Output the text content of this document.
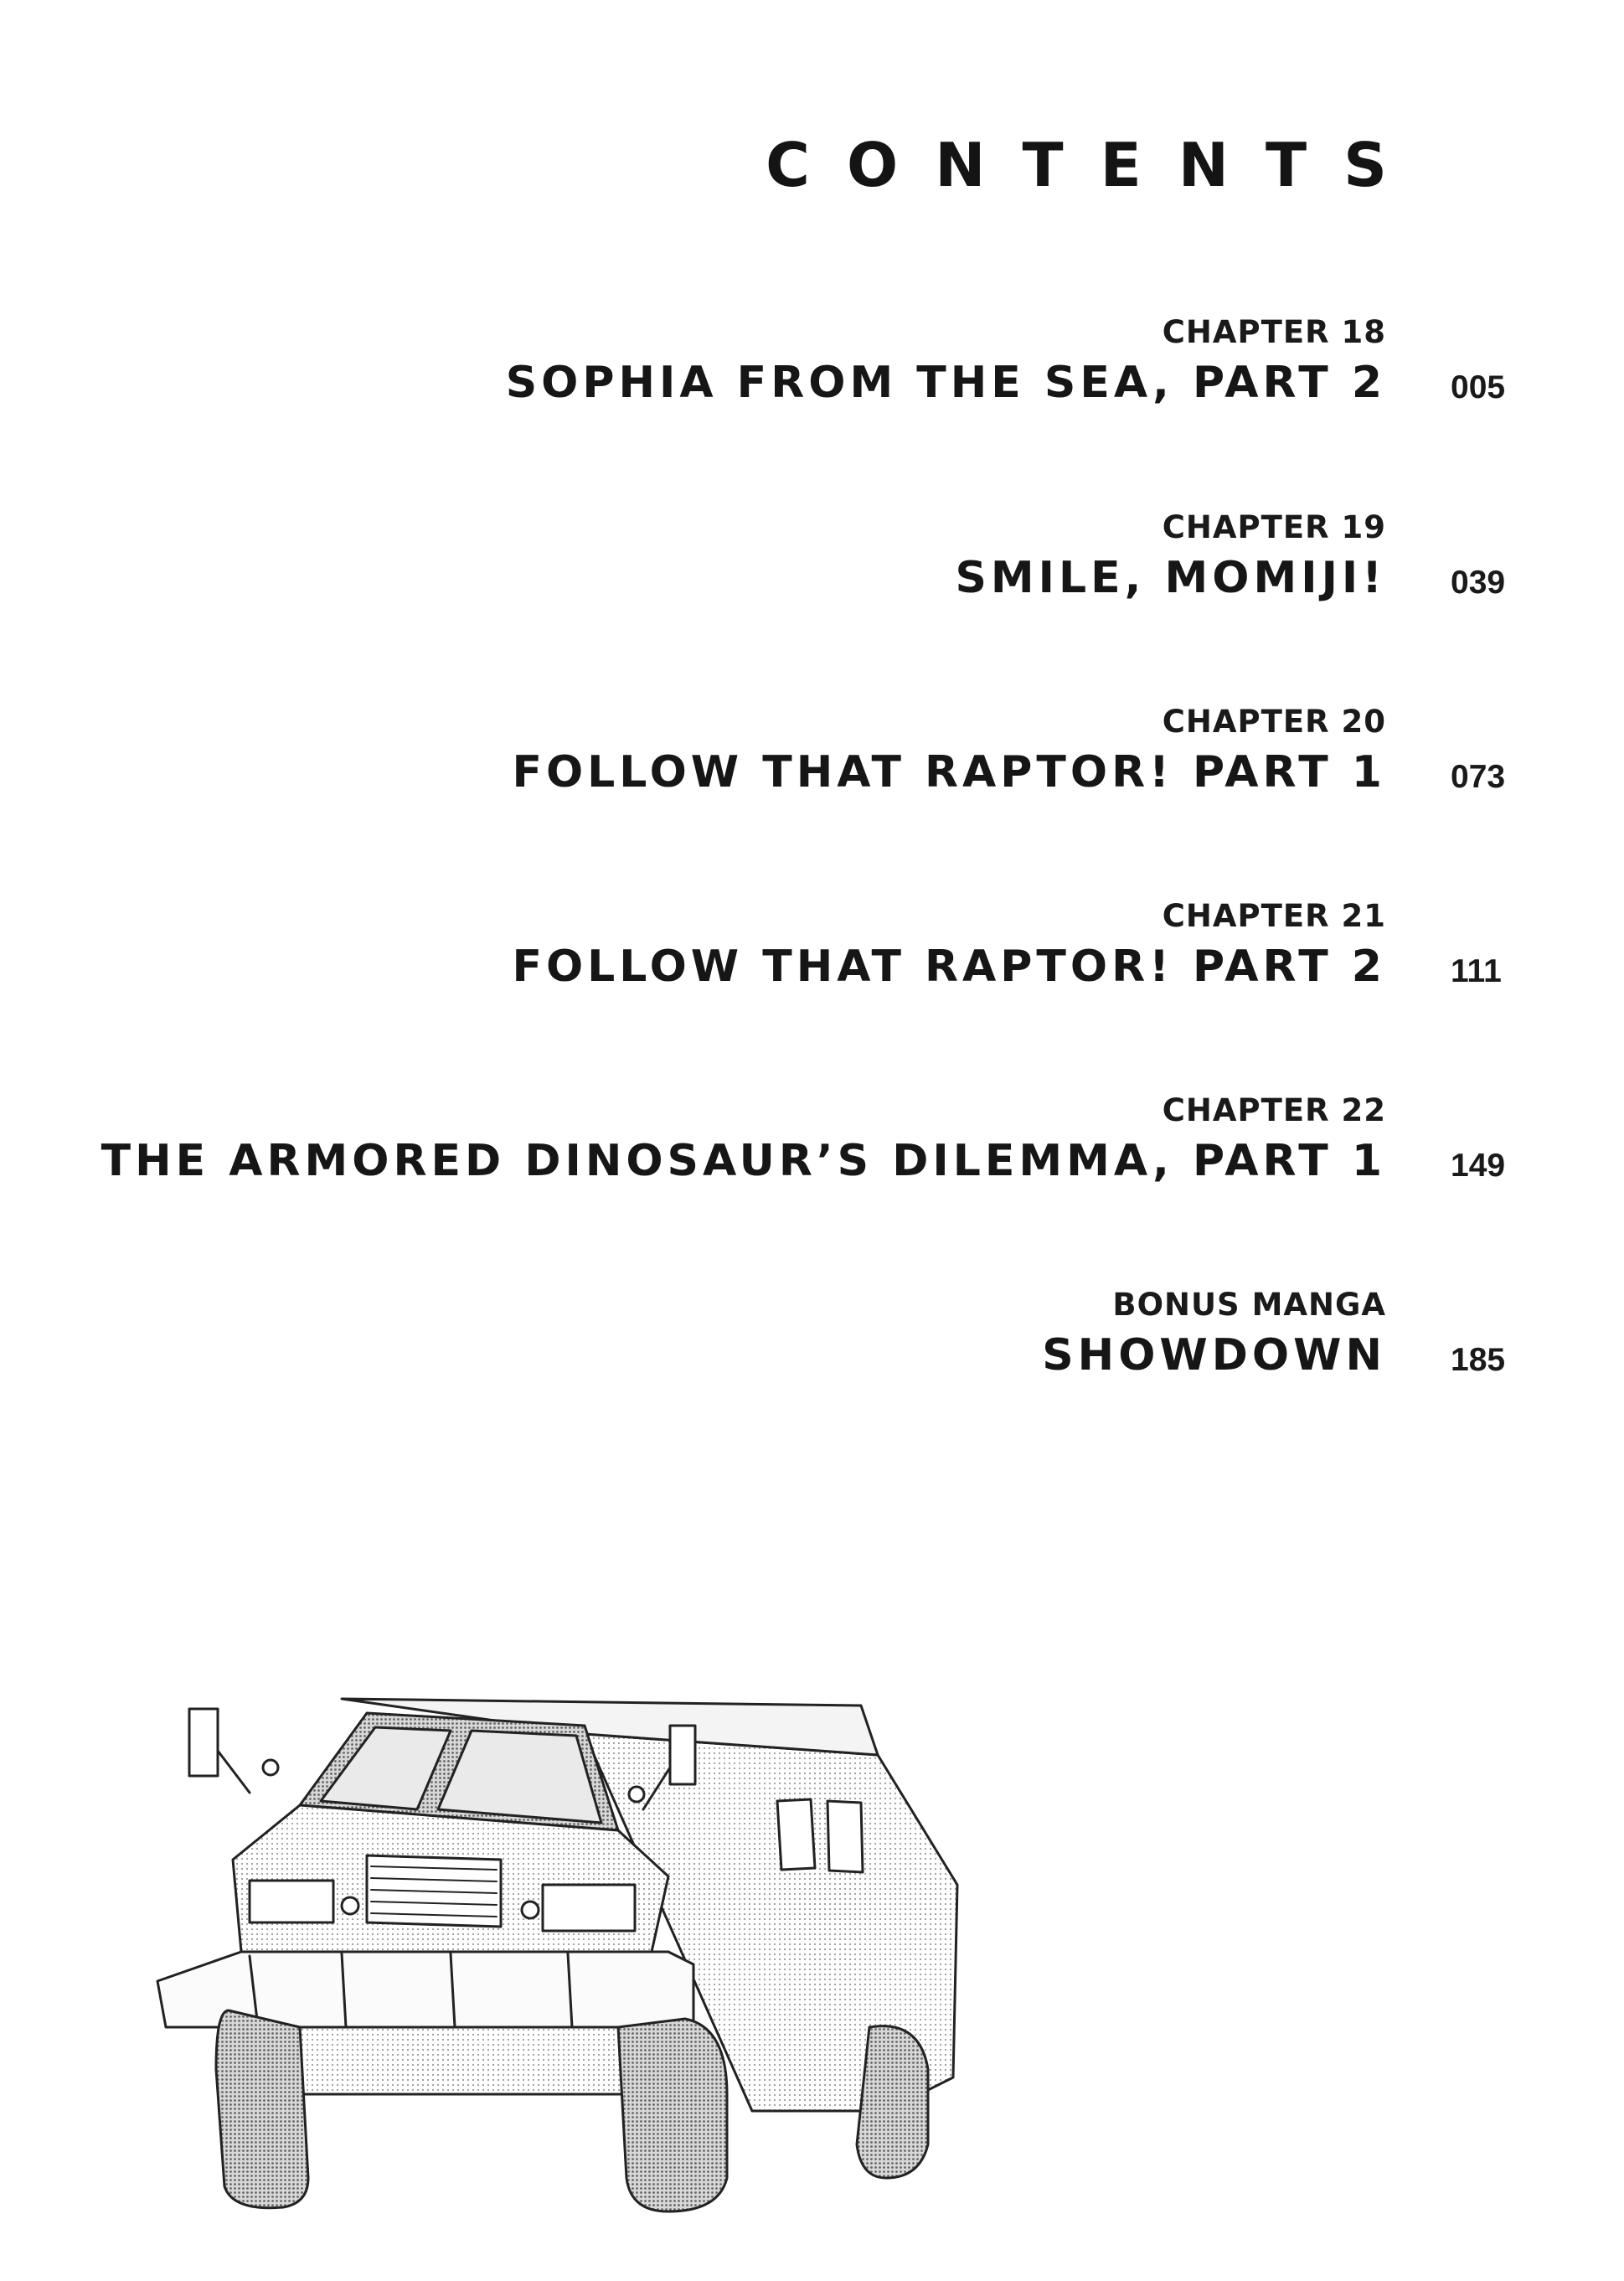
CONTENTS
CHAPTER 18
SOPHIA FROM THE SEA, PART 2 005
CHAPTER 19
SMILE, MOMIJI! 039
CHAPTER 20
FOLLOW THAT RAPTOR! PART 1 073
CHAPTER 21
FOLLOW THAT RAPTOR! PART 2 111
CHAPTER 22
THE ARMORED DINOSAUR’S DILEMMA, PART 1 149
BONUS MANGA
SHOWDOWN 185
